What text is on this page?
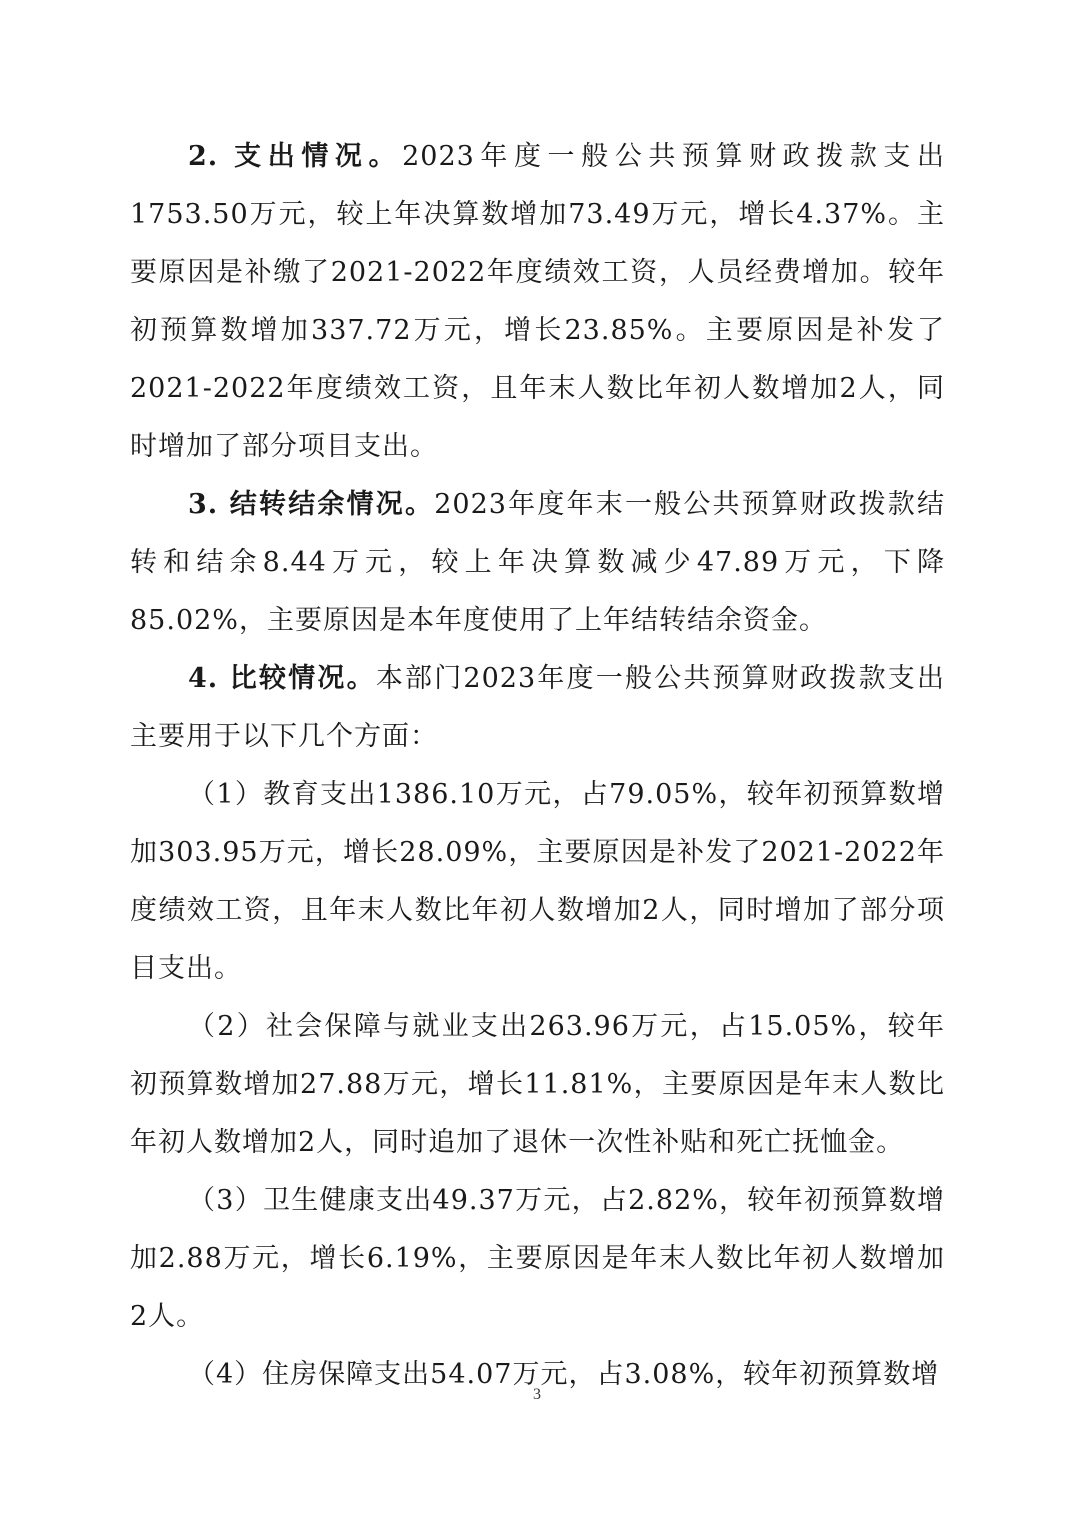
2. 支出情况。2023年度一般公共预算财政拨款支出1753.50万元，较上年决算数增加73.49万元，增长4.37%。主要原因是补缴了2021-2022年度绩效工资，人员经费增加。较年初预算数增加337.72万元，增长23.85%。主要原因是补发了2021-2022年度绩效工资，且年末人数比年初人数增加2人，同时增加了部分项目支出。

3. 结转结余情况。2023年度年末一般公共预算财政拨款结转和结余8.44万元，较上年决算数减少47.89万元，下降85.02%，主要原因是本年度使用了上年结转结余资金。

4. 比较情况。本部门2023年度一般公共预算财政拨款支出主要用于以下几个方面：

（1）教育支出1386.10万元，占79.05%，较年初预算数增加303.95万元，增长28.09%，主要原因是补发了2021-2022年度绩效工资，且年末人数比年初人数增加2人，同时增加了部分项目支出。

（2）社会保障与就业支出263.96万元，占15.05%，较年初预算数增加27.88万元，增长11.81%，主要原因是年末人数比年初人数增加2人，同时追加了退休一次性补贴和死亡抚恤金。

（3）卫生健康支出49.37万元，占2.82%，较年初预算数增加2.88万元，增长6.19%，主要原因是年末人数比年初人数增加2人。

（4）住房保障支出54.07万元，占3.08%，较年初预算数增

3
